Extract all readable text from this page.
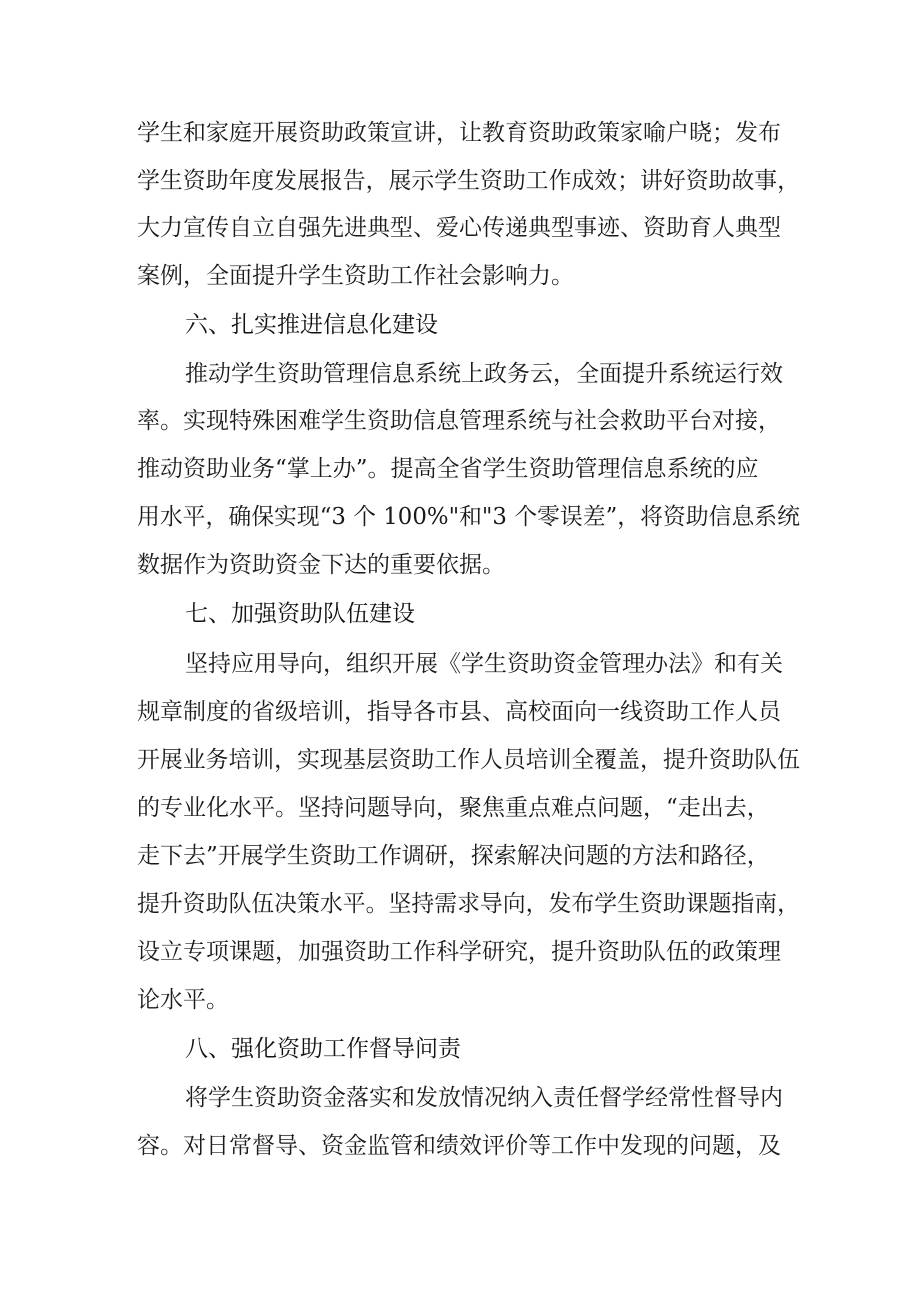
学生和家庭开展资助政策宣讲，让教育资助政策家喻户晓；发布
学生资助年度发展报告，展示学生资助工作成效；讲好资助故事，
大力宣传自立自强先进典型、爱心传递典型事迹、资助育人典型
案例，全面提升学生资助工作社会影响力。
六、扎实推进信息化建设
推动学生资助管理信息系统上政务云，全面提升系统运行效
率。实现特殊困难学生资助信息管理系统与社会救助平台对接，
推动资助业务“掌上办”。提高全省学生资助管理信息系统的应
用水平，确保实现“3 个 100%"和"3 个零误差”，将资助信息系统
数据作为资助资金下达的重要依据。
七、加强资助队伍建设
坚持应用导向，组织开展《学生资助资金管理办法》和有关
规章制度的省级培训，指导各市县、高校面向一线资助工作人员
开展业务培训，实现基层资助工作人员培训全覆盖，提升资助队伍
的专业化水平。坚持问题导向，聚焦重点难点问题，“走出去，
走下去”开展学生资助工作调研，探索解决问题的方法和路径，
提升资助队伍决策水平。坚持需求导向，发布学生资助课题指南，
设立专项课题，加强资助工作科学研究，提升资助队伍的政策理
论水平。
八、强化资助工作督导问责
将学生资助资金落实和发放情况纳入责任督学经常性督导内
容。对日常督导、资金监管和绩效评价等工作中发现的问题，及
